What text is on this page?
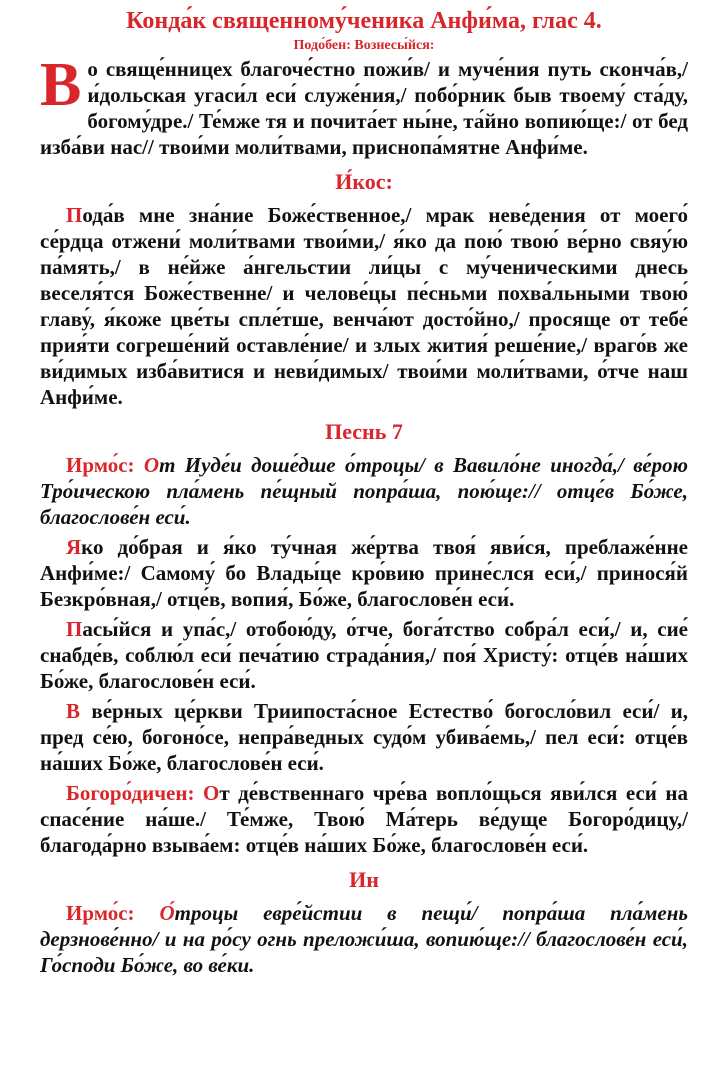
Конда́к священному́ченика Анфи́ма, глас 4.
Подо́бен: Вознесы́йся:

Во свяще́нницех благоче́стно пожи́в/ и муче́ния путь сконча́в,/ и́дольская угаси́л еси́ служе́ния,/ побо́рник быв твоему́ ста́ду, богому́дре./ Те́мже тя и почита́ет ны́не, та́йно вопию́ще:/ от бед изба́ви нас// твои́ми моли́твами, приснопа́мятне Анфи́ме.

И́кос:

Пода́в мне зна́ние Боже́ственное,/ мрак неве́дения от моего́ се́рдца отжени́ моли́твами твои́ми,/ я́ко да пою́ твою́ ве́рно свяу́ю па́мять,/ в не́йже а́нгельстии ли́цы с му́ченическими днесь веселя́тся Боже́ственне/ и челове́цы пе́сньми похва́льными твою́ главу́, я́коже цве́ты спле́тше, венча́ют досто́йно,/ просяще от тебе́ прия́ти согреше́ний оставле́ние/ и злых жития́ реше́ние,/ враго́в же ви́димых изба́витися и неви́димых/ твои́ми моли́твами, о́тче наш Анфи́ме.

Песнь 7

Ирмо́с: От Иуде́и доше́дше о́троцы/ в Вавило́не иногда́,/ ве́рою Тро́ическою пла́мень пе́щный попра́ша, пою́ще:// отце́в Бо́же, благослове́н еси́.

Яко до́брая и я́ко ту́чная же́ртва твоя́ яви́ся, преблаже́нне Анфи́ме:/ Самому́ бо Влады́це кро́вию прине́слся еси́,/ принося́й Безкро́вная,/ отце́в, вопия́, Бо́же, благослове́н еси́.

Пасы́йся и упа́с,/ отобою́ду, о́тче, бога́тство собра́л еси́,/ и, сие́ снабде́в, соблю́л еси́ печа́тию страда́ния,/ поя́ Христу́: отце́в на́ших Бо́же, благослове́н еси́.

В ве́рных це́ркви Триипоста́сное Естество́ богосло́вил еси́/ и, пред се́ю, богоно́се, непра́ведных судо́м убива́емь,/ пел еси́: отце́в на́ших Бо́же, благослове́н еси́.

Богоро́дичен: От де́вственнаго чре́ва вопло́щься яви́лся еси́ на спасе́ние на́ше./ Те́мже, Твою́ Ма́терь ве́дуще Богоро́дицу,/ благода́рно взыва́ем: отце́в на́ших Бо́же, благослове́н еси́.

Ин

Ирмо́с: О́троцы евре́йстии в пещи́/ попра́ша пла́мень дерзнове́нно/ и на ро́су огнь преложи́ша, вопию́ще:// благослове́н еси́, Го́споди Бо́же, во ве́ки.
